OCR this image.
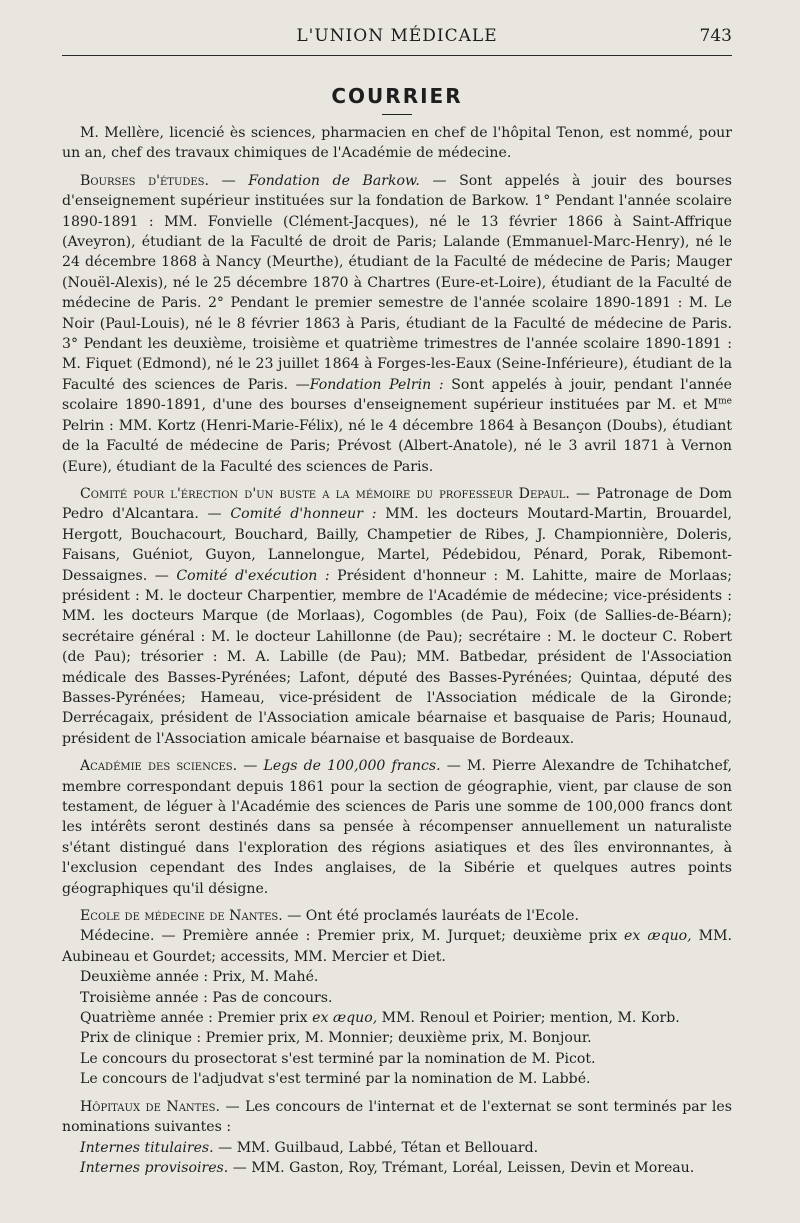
L'UNION MÉDICALE	743
COURRIER

M. Mellère, licencié ès sciences, pharmacien en chef de l'hôpital Tenon, est nommé, pour un an, chef des travaux chimiques de l'Académie de médecine.

Bourses d'études. — Fondation de Barkow. — Sont appelés à jouir des bourses d'enseignement supérieur instituées sur la fondation de Barkow. 1° Pendant l'année scolaire 1890-1891 : MM. Fonvielle (Clément-Jacques), né le 13 février 1866 à Saint-Affrique (Aveyron), étudiant de la Faculté de droit de Paris; Lalande (Emmanuel-Marc-Henry), né le 24 décembre 1868 à Nancy (Meurthe), étudiant de la Faculté de médecine de Paris; Mauger (Nouël-Alexis), né le 25 décembre 1870 à Chartres (Eure-et-Loire), étudiant de la Faculté de médecine de Paris. 2° Pendant le premier semestre de l'année scolaire 1890-1891 : M. Le Noir (Paul-Louis), né le 8 février 1863 à Paris, étudiant de la Faculté de médecine de Paris. 3° Pendant les deuxième, troisième et quatrième trimestres de l'année scolaire 1890-1891 : M. Fiquet (Edmond), né le 23 juillet 1864 à Forges-les-Eaux (Seine-Inférieure), étudiant de la Faculté des sciences de Paris. —Fondation Pelrin : Sont appelés à jouir, pendant l'année scolaire 1890-1891, d'une des bourses d'enseignement supérieur instituées par M. et $M^{me}$ Pelrin : MM. Kortz (Henri-Marie-Félix), né le 4 décembre 1864 à Besançon (Doubs), étudiant de la Faculté de médecine de Paris; Prévost (Albert-Anatole), né le 3 avril 1871 à Vernon (Eure), étudiant de la Faculté des sciences de Paris.

Comité pour l'érection d'un buste a la mémoire du professeur Depaul. — Patronage de Dom Pedro d'Alcantara. — Comité d'honneur : MM. les docteurs Moutard-Martin, Brouardel, Hergott, Bouchacourt, Bouchard, Bailly, Champetier de Ribes, J. Championnière, Doleris, Faisans, Guéniot, Guyon, Lannelongue, Martel, Pédebidou, Pénard, Porak, Ribemont-Dessaignes. — Comité d'exécution : Président d'honneur : M. Lahitte, maire de Morlaas; président : M. le docteur Charpentier, membre de l'Académie de médecine; vice-présidents : MM. les docteurs Marque (de Morlaas), Cogombles (de Pau), Foix (de Sallies-de-Béarn); secrétaire général : M. le docteur Lahillonne (de Pau); secrétaire : M. le docteur C. Robert (de Pau); trésorier : M. A. Labille (de Pau); MM. Batbedar, président de l'Association médicale des Basses-Pyrénées; Lafont, député des Basses-Pyrénées; Quintaa, député des Basses-Pyrénées; Hameau, vice-président de l'Association médicale de la Gironde; Derrécagaix, président de l'Association amicale béarnaise et basquaise de Paris; Hounaud, président de l'Association amicale béarnaise et basquaise de Bordeaux.

Académie des sciences. — Legs de 100,000 francs. — M. Pierre Alexandre de Tchihatchef, membre correspondant depuis 1861 pour la section de géographie, vient, par clause de son testament, de léguer à l'Académie des sciences de Paris une somme de 100,000 francs dont les intérêts seront destinés dans sa pensée à récompenser annuellement un naturaliste s'étant distingué dans l'exploration des régions asiatiques et des îles environnantes, à l'exclusion cependant des Indes anglaises, de la Sibérie et quelques autres points géographiques qu'il désigne.

Ecole de médecine de Nantes. — Ont été proclamés lauréats de l'Ecole.

Médecine. — Première année : Premier prix, M. Jurquet; deuxième prix ex æquo, MM. Aubineau et Gourdet; accessits, MM. Mercier et Diet.

Deuxième année : Prix, M. Mahé.

Troisième année : Pas de concours.

Quatrième année : Premier prix ex æquo, MM. Renoul et Poirier; mention, M. Korb.

Prix de clinique : Premier prix, M. Monnier; deuxième prix, M. Bonjour.

Le concours du prosectorat s'est terminé par la nomination de M. Picot.

Le concours de l'adjudvat s'est terminé par la nomination de M. Labbé.

Hôpitaux de Nantes. — Les concours de l'internat et de l'externat se sont terminés par les nominations suivantes :

Internes titulaires. — MM. Guilbaud, Labbé, Tétan et Bellouard.

Internes provisoires. — MM. Gaston, Roy, Trémant, Loréal, Leissen, Devin et Moreau.
